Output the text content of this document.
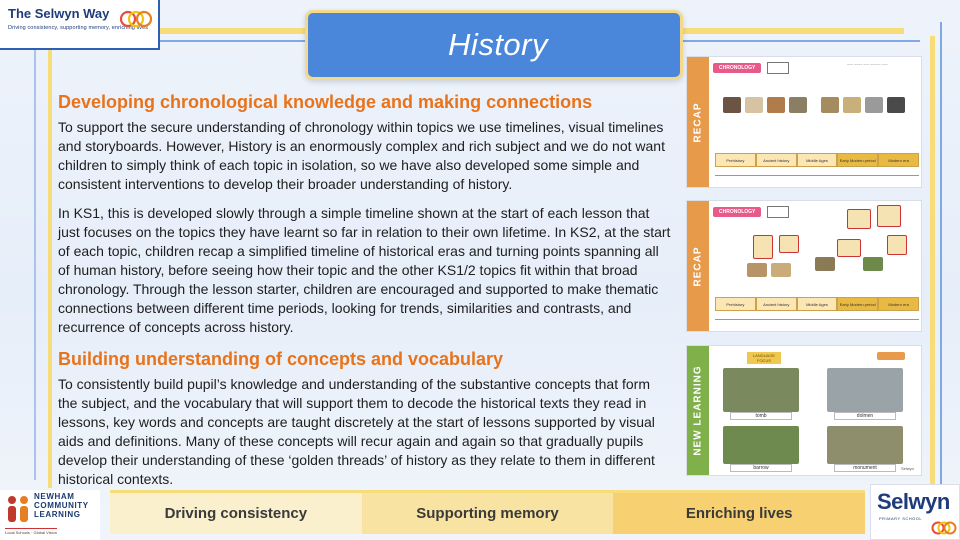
The Selwyn Way
Driving consistency, supporting memory, enriching lives	History
Developing chronological knowledge and making connections

To support the secure understanding of chronology within topics we use timelines, visual timelines and storyboards. However, History is an enormously complex and rich subject and we do not want children to simply think of each topic in isolation, so we have also developed some simple and consistent interventions to develop their broader understanding of history.

In KS1, this is developed slowly through a simple timeline shown at the start of each lesson that just focuses on the topics they have learnt so far in relation to their own lifetime. In KS2, at the start of each topic, children recap a simplified timeline of historical eras and turning points spanning all of human history, before seeing how their topic and the other KS1/2 topics fit within that broad chronology. Through the lesson starter, children are encouraged and supported to make thematic connections between different time periods, looking for trends, similarities and contrasts, and recurrence of concepts across history.

Building understanding of concepts and vocabulary

To consistently build pupil’s knowledge and understanding of the substantive concepts that form the subject, and the vocabulary that will support them to decode the historical texts they read in lessons, key words and concepts are taught discretely at the start of lessons supported by visual aids and definitions. Many of these concepts will recur again and again so that gradually pupils develop their understanding of these ‘golden threads’ of history as they relate to them in different historical contexts.

RECAP
CHRONOLOGY	~~~ ~~~~ ~~~ ~~~~~ ~~~
Prehistory	Ancient history	Middle Ages	Early Modern period	Modern era
RECAP
CHRONOLOGY
Prehistory	Ancient history	Middle Ages	Early Modern period	Modern era
NEW LEARNING
LANGUAGE FOCUS
tomb	dolmen
barrow	monument	Selwyn
NEWHAM
COMMUNITY
LEARNING
Local Schools · Global Vision
Driving consistency	Supporting memory	Enriching lives	Selwyn
PRIMARY SCHOOL
